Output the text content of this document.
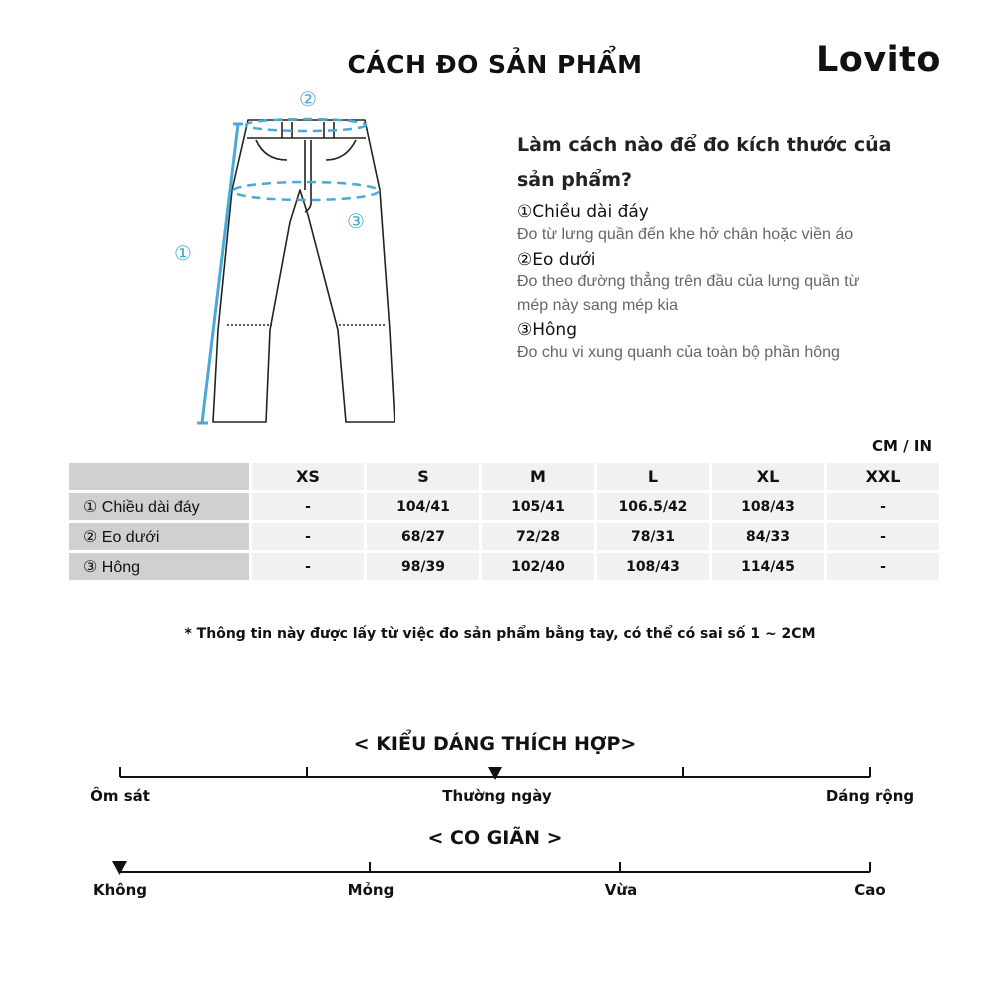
CÁCH ĐO SẢN PHẨM	Lovito
②
③
①
Làm cách nào để đo kích thước của sản phẩm?
①Chiều dài đáy
Đo từ lưng quần đến khe hở chân hoặc viền áo
②Eo dưới
Đo theo đường thẳng trên đầu của lưng quần từ mép này sang mép kia
③Hông
Đo chu vi xung quanh của toàn bộ phần hông
CM / IN
	XS	S	M	L	XL	XXL
① Chiều dài đáy	-	104/41	105/41	106.5/42	108/43	-
② Eo dưới	-	68/27	72/28	78/31	84/33	-
③ Hông	-	98/39	102/40	108/43	114/45	-
* Thông tin này được lấy từ việc đo sản phẩm bằng tay, có thể có sai số 1 ~ 2CM
< KIỂU DÁNG THÍCH HỢP>
Ôm sát	Thường ngày	Dáng rộng
< CO GIÃN >
Không	Mỏng	Vừa	Cao
